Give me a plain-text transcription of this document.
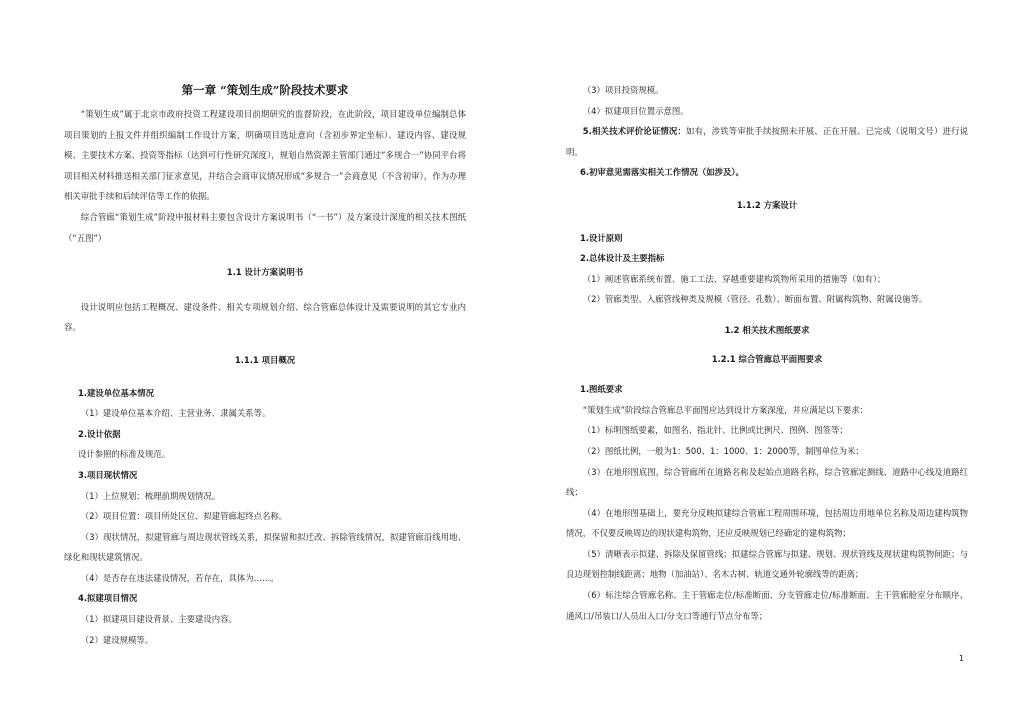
第一章 “策划生成”阶段技术要求

“策划生成”属于北京市政府投资工程建设项目前期研究的监督阶段，在此阶段，项目建设单位编制总体项目策划的上报文件并组织编制工作设计方案，明确项目选址意向（含初步界定坐标）、建设内容、建设规模、主要技术方案、投资等指标（达到可行性研究深度），规划自然资源主管部门通过“多规合一”协同平台将项目相关材料推送相关部门征求意见，并结合会商审议情况形成“多规合一”会商意见（不含初审），作为办理相关审批手续和后续评估等工作的依据。

综合管廊“策划生成”阶段申报材料主要包含设计方案说明书（“一书”）及方案设计深度的相关技术图纸（“五图”）

1.1 设计方案说明书

设计说明应包括工程概况、建设条件、相关专项规划介绍、综合管廊总体设计及需要说明的其它专业内容。

1.1.1 项目概况
1.建设单位基本情况

（1）建设单位基本介绍、主营业务、隶属关系等。

2.设计依据

设计参照的标准及规范。

3.项目现状情况

（1）上位规划：梳理前期规划情况。

（2）项目位置：项目所处区位、拟建管廊起终点名称。

（3）现状情况，拟建管廊与周边现状管线关系，拟保留和拟迁改、拆除管线情况，拟建管廊沿线用地、绿化和现状建筑情况。

（4）是否存在违法建设情况，若存在，具体为……。

4.拟建项目情况

（1）拟建项目建设背景、主要建设内容。

（2）建设规模等。

（3）项目投资规模。

（4）拟建项目位置示意图。

5.相关技术评价论证情况：如有，涉铁等审批手续按照未开展、正在开展、已完成（说明文号）进行说明。

6.初审意见需落实相关工作情况（如涉及）。
1.1.2 方案设计
1.设计原则
2.总体设计及主要指标

（1）阐述管廊系统布置、施工工法、穿越重要建构筑物所采用的措施等（如有）；

（2）管廊类型、入廊管线种类及规模（管径、孔数）、断面布置、附属构筑物、附属设施等。

1.2 相关技术图纸要求
1.2.1 综合管廊总平面图要求
1.图纸要求

“策划生成”阶段综合管廊总平面图应达到设计方案深度，并应满足以下要求：

（1）标明图纸要素，如图名、指北针、比例或比例尺、图例、图签等；

（2）图纸比例，一般为1：500、1：1000、1：2000等，制图单位为米；

（3）在地形图底图，综合管廊所在道路名称及起始点道路名称，综合管廊定测线、道路中心线及道路红线；

（4）在地形图基础上，要充分反映拟建综合管廊工程周围环境，包括周边用地单位名称及周边建构筑物情况，不仅要反映周边的现状建构筑物，还应反映规划已经确定的建构筑物；

（5）清晰表示拟建、拆除及保留管线；拟建综合管廊与拟建、规划、现状管线及现状建构筑物间距；与良边现划控制线距离；地物（加油站）、名木古树、轨道交通外轮廓线等的距离；

（6）标注综合管廊名称、主干管廊走位/标准断面、分支管廊走位/标准断面、主干管廊舱室分布顺序、通风口/吊装口/人员出入口/分支口等通行节点分布等；

1
